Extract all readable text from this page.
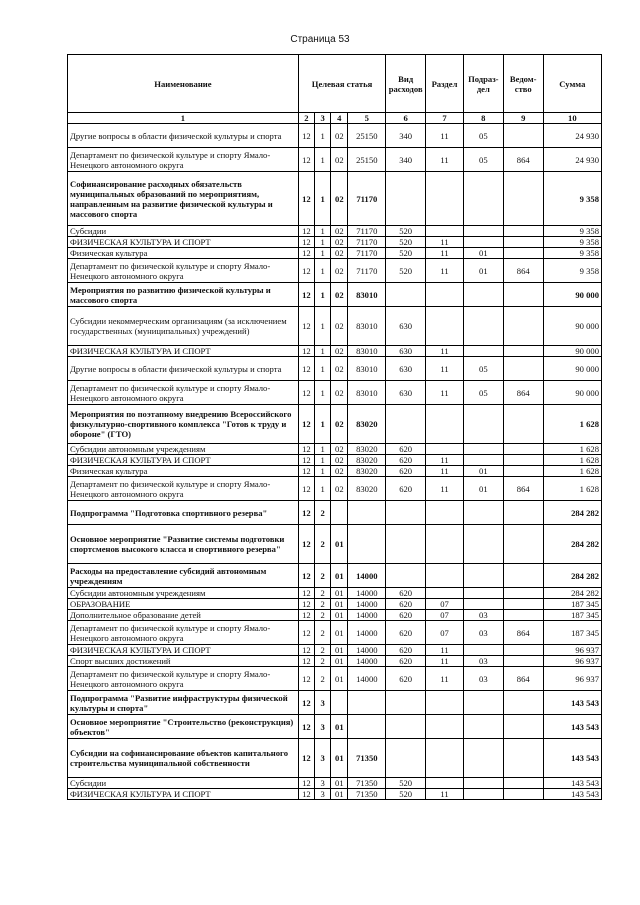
Страница 53
Наименование	Целевая статья				Вид расходов	Раздел	Подраз-дел	Ведом-ство	Сумма
1	2	3	4	5	6	7	8	9	10
Другие вопросы в области физической культуры и спорта	12	1	02	25150	340	11	05		24 930
Департамент по физической культуре и спорту Ямало-Ненецкого автономного округа	12	1	02	25150	340	11	05	864	24 930
Софинансирование расходных обязательств муниципальных образований по мероприятиям, направленным на развитие физической культуры и массового спорта	12	1	02	71170					9 358
Субсидии	12	1	02	71170	520				9 358
ФИЗИЧЕСКАЯ КУЛЬТУРА И СПОРТ	12	1	02	71170	520	11			9 358
Физическая культура	12	1	02	71170	520	11	01		9 358
Департамент по физической культуре и спорту Ямало-Ненецкого автономного округа	12	1	02	71170	520	11	01	864	9 358
Мероприятия по развитию физической культуры и массового спорта	12	1	02	83010					90 000
Субсидии некоммерческим организациям (за исключением государственных (муниципальных) учреждений)	12	1	02	83010	630				90 000
ФИЗИЧЕСКАЯ КУЛЬТУРА И СПОРТ	12	1	02	83010	630	11			90 000
Другие вопросы в области физической культуры и спорта	12	1	02	83010	630	11	05		90 000
Департамент по физической культуре и спорту Ямало-Ненецкого автономного округа	12	1	02	83010	630	11	05	864	90 000
Мероприятия по поэтапному внедрению Всероссийского физкультурно-спортивного комплекса "Готов к труду и обороне" (ГТО)	12	1	02	83020					1 628
Субсидии автономным учреждениям	12	1	02	83020	620				1 628
ФИЗИЧЕСКАЯ КУЛЬТУРА И СПОРТ	12	1	02	83020	620	11			1 628
Физическая культура	12	1	02	83020	620	11	01		1 628
Департамент по физической культуре и спорту Ямало-Ненецкого автономного округа	12	1	02	83020	620	11	01	864	1 628
Подпрограмма "Подготовка спортивного резерва"	12	2							284 282
Основное мероприятие "Развитие системы подготовки спортсменов высокого класса и спортивного резерва"	12	2	01						284 282
Расходы на предоставление субсидий автономным учреждениям	12	2	01	14000					284 282
Субсидии автономным учреждениям	12	2	01	14000	620				284 282
ОБРАЗОВАНИЕ	12	2	01	14000	620	07			187 345
Дополнительное образование детей	12	2	01	14000	620	07	03		187 345
Департамент по физической культуре и спорту Ямало-Ненецкого автономного округа	12	2	01	14000	620	07	03	864	187 345
ФИЗИЧЕСКАЯ КУЛЬТУРА И СПОРТ	12	2	01	14000	620	11			96 937
Спорт высших достижений	12	2	01	14000	620	11	03		96 937
Департамент по физической культуре и спорту Ямало-Ненецкого автономного округа	12	2	01	14000	620	11	03	864	96 937
Подпрограмма "Развитие инфраструктуры физической культуры и спорта"	12	3							143 543
Основное мероприятие "Строительство (реконструкция) объектов"	12	3	01						143 543
Субсидии на софинансирование объектов капитального строительства муниципальной собственности	12	3	01	71350					143 543
Субсидии	12	3	01	71350	520				143 543
ФИЗИЧЕСКАЯ КУЛЬТУРА И СПОРТ	12	3	01	71350	520	11			143 543
